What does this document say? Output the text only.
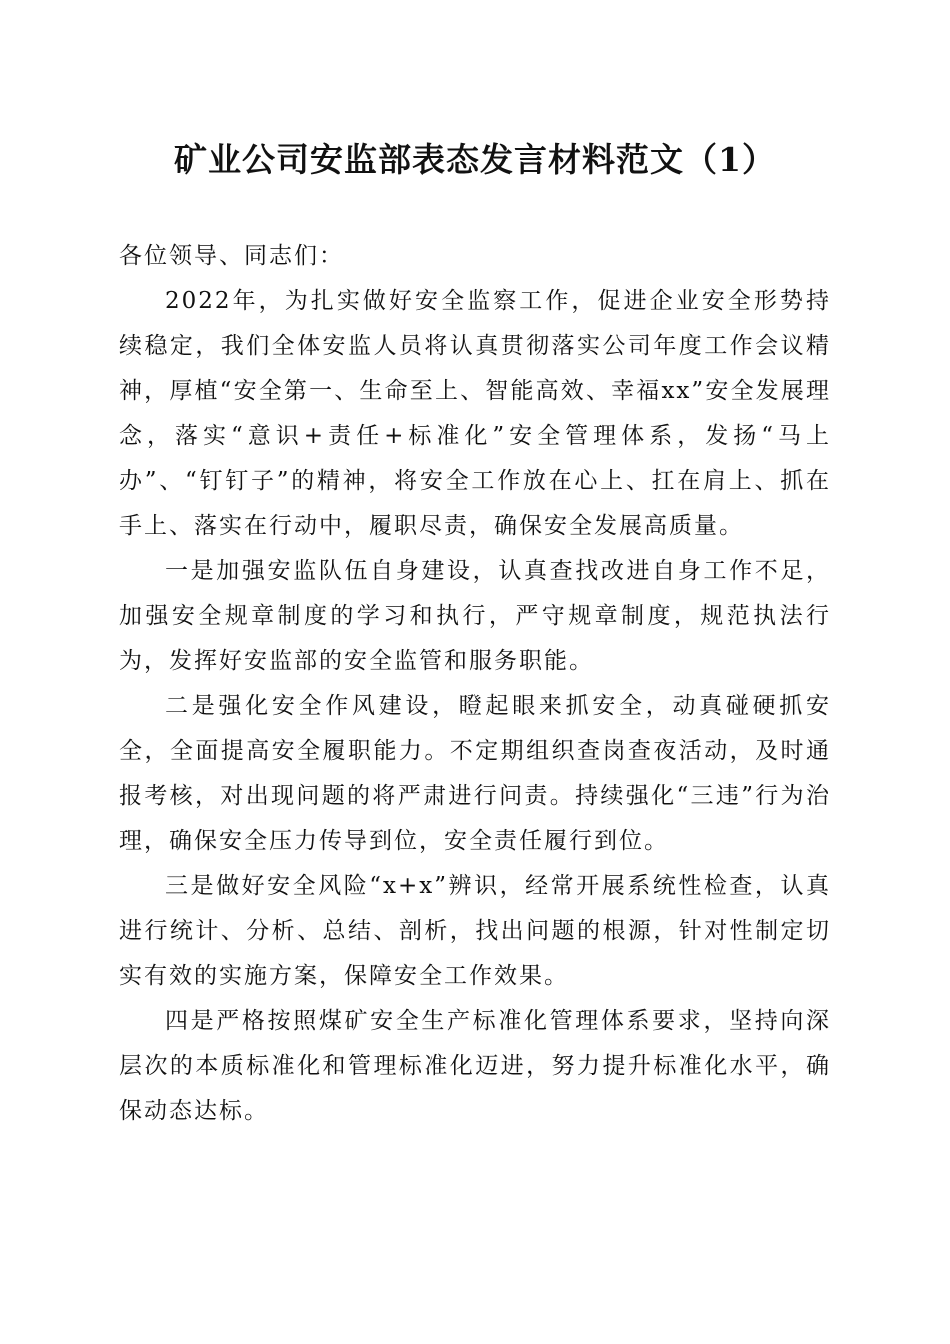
矿业公司安监部表态发言材料范文（1）

各位领导、同志们：

2022年，为扎实做好安全监察工作，促进企业安全形势持续稳定，我们全体安监人员将认真贯彻落实公司年度工作会议精神，厚植“安全第一、生命至上、智能高效、幸福xx”安全发展理念，落实“意识+责任+标准化”安全管理体系，发扬“马上办”、“钉钉子”的精神，将安全工作放在心上、扛在肩上、抓在手上、落实在行动中，履职尽责，确保安全发展高质量。

一是加强安监队伍自身建设，认真查找改进自身工作不足，加强安全规章制度的学习和执行，严守规章制度，规范执法行为，发挥好安监部的安全监管和服务职能。

二是强化安全作风建设，瞪起眼来抓安全，动真碰硬抓安全，全面提高安全履职能力。不定期组织查岗查夜活动，及时通报考核，对出现问题的将严肃进行问责。持续强化“三违”行为治理，确保安全压力传导到位，安全责任履行到位。

三是做好安全风险“x+x”辨识，经常开展系统性检查，认真进行统计、分析、总结、剖析，找出问题的根源，针对性制定切实有效的实施方案，保障安全工作效果。

四是严格按照煤矿安全生产标准化管理体系要求，坚持向深层次的本质标准化和管理标准化迈进，努力提升标准化水平，确保动态达标。
